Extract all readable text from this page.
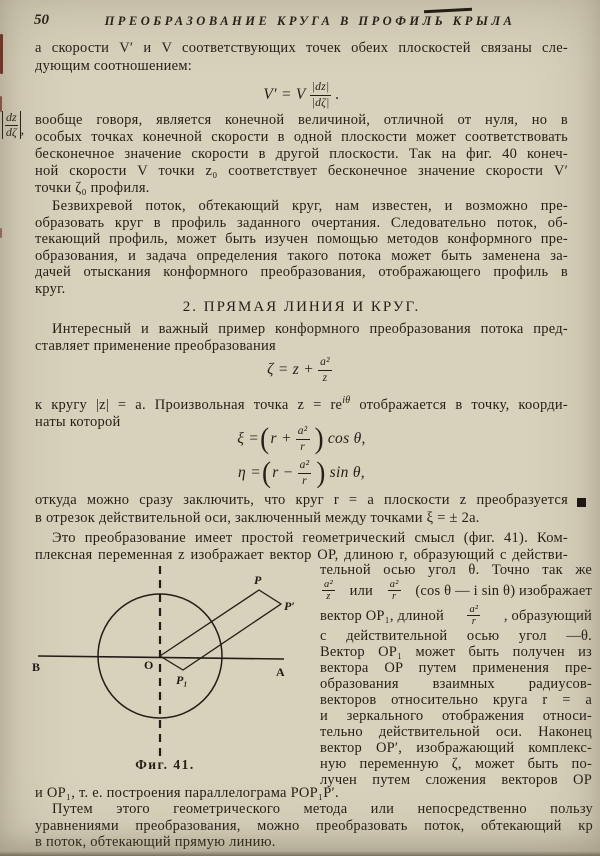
50	ПРЕОБРАЗОВАНИЕ КРУГА В ПРОФИЛЬ КРЫЛА
а скорости V′ и V соответствующих точек обеих плоскостей связаны сле-
дующим соотношением:
V′ = V $\frac{|dz|}{|d\zeta|}$ .
$\frac{dz}{d\zeta}$ ,
вообще говоря, является конечной величиной, отличной от нуля, но в
особых точках конечной скорости в одной плоскости может соответствовать
бесконечное значение скорости в другой плоскости. Так на фиг. 40 конеч-
ной скорости V точки z₀ соответствует бесконечное значение скорости V′
точки ζ₀ профиля.
Безвихревой поток, обтекающий круг, нам известен, и возможно пре-
образовать круг в профиль заданного очертания. Следовательно поток, об-
текающий профиль, может быть изучен помощью методов конформного пре-
образования, и задача определения такого потока может быть заменена за-
дачей отыскания конформного преобразования, отображающего профиль в
круг.
2. ПРЯМАЯ ЛИНИЯ И КРУГ.
Интересный и важный пример конформного преобразования потока пред-
ставляет применение преобразования
$\zeta = z + \frac{\text{a²}}{z}$
к кругу |z| = a. Произвольная точка $z = re^{i\theta}$ отображается в точку, коорди-
наты которой
ξ = ( $r + \frac{\text{a²}}{r}$ ) cos θ,
η = ( $r - \frac{\text{a²}}{r}$ ) sin θ,
откуда можно сразу заключить, что круг r = a плоскости z преобразуется
в отрезок действительной оси, заключенный между точками ξ = ± 2a.
Это преобразование имеет простой геометрический смысл (фиг. 41). Ком-
плексная переменная z изображает вектор OP, длиною r, образующий с действи-
B	A
O
P
P₁
P′
Фиг. 41.
тельной осью угол θ. Точно так же
$\frac{\text{a²}}{z}$ или $\frac{\text{a²}}{r} (\cos$ θ — i sin θ) изображает
вектор OP₁, длиной $\frac{\text{a²}}{r}$ , образующий
с действительной осью угол —θ.
Вектор OP₁ может быть получен из
вектора OP путем применения пре-
образования взаимных радиусов-
векторов относительно круга r = a
и зеркального отображения относи-
тельно действительной оси. Наконец
вектор OP′, изображающий комплекс-
ную переменную ζ, может быть по-
лучен путем сложения векторов OP
и OP₁, т. е. построения параллелограма POP₁P′.
Путем этого геометрического метода или непосредственно пользу
уравнениями преобразования, можно преобразовать поток, обтекающий кр
в поток, обтекающий прямую линию.
